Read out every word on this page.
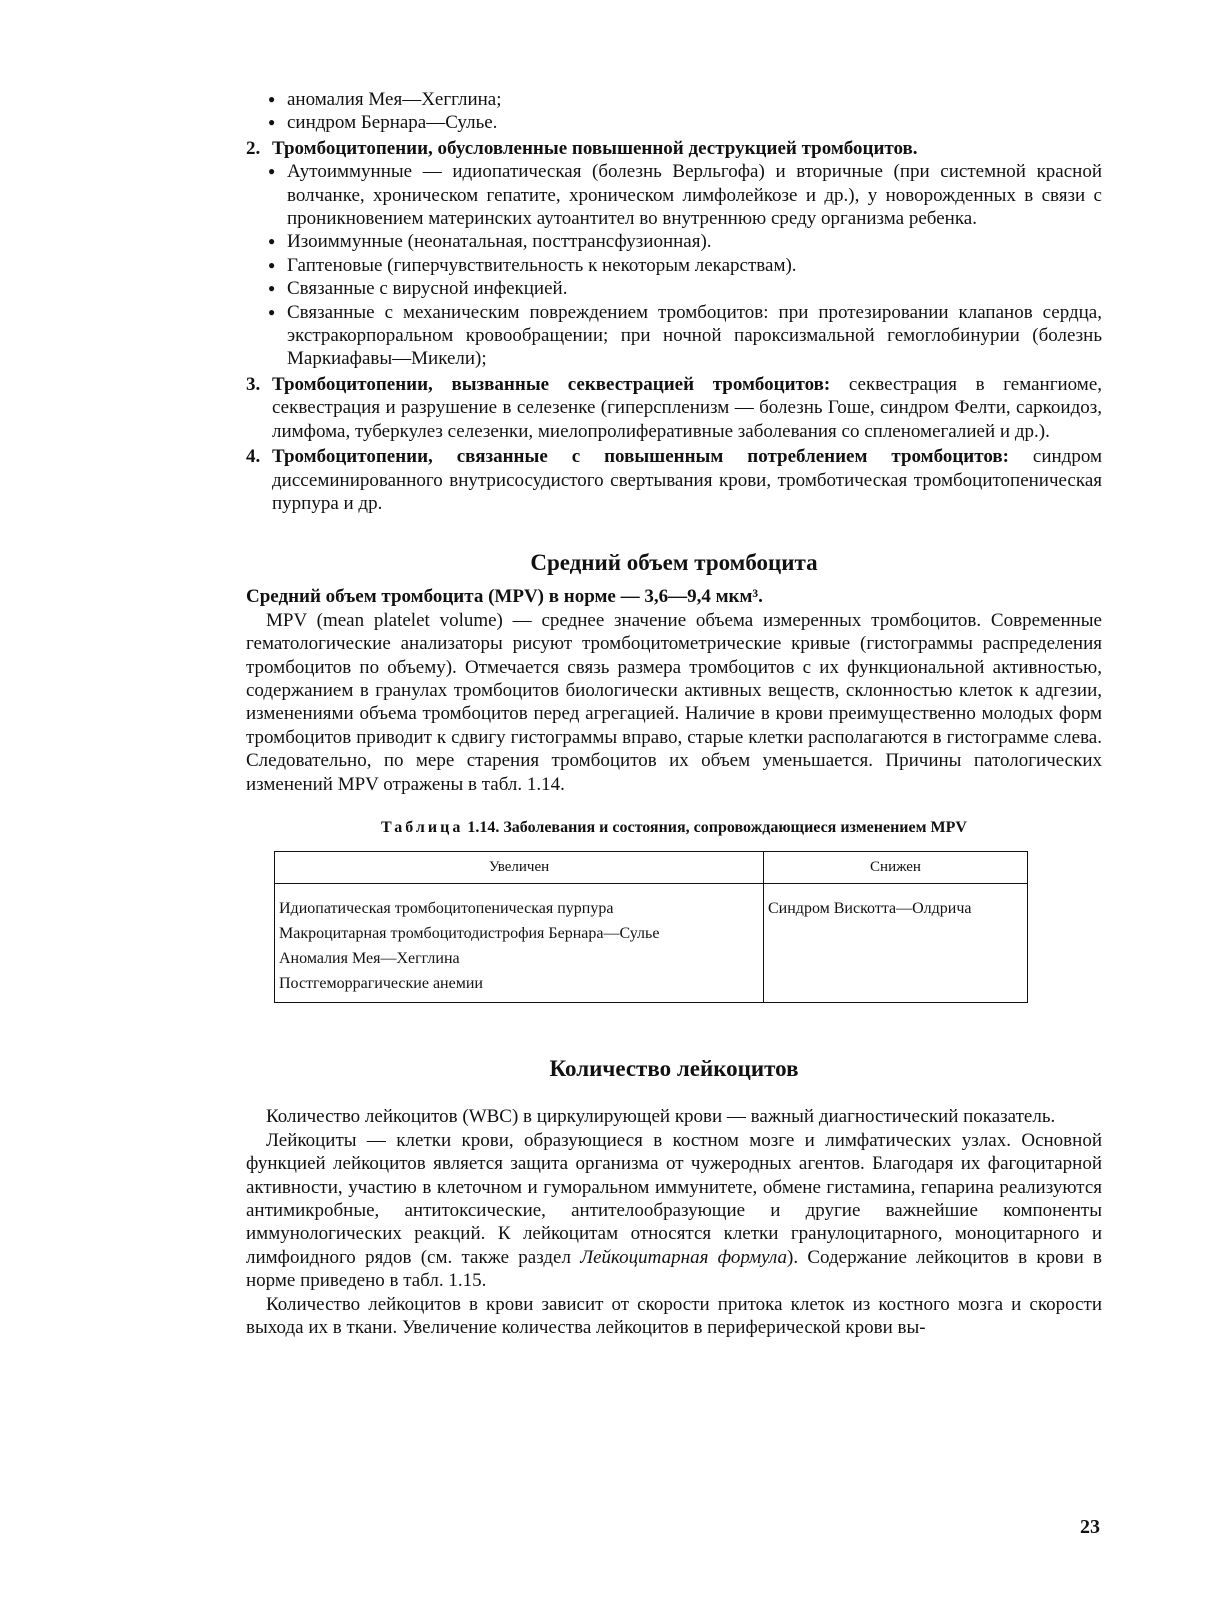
● аномалия Мея—Хегглина;
● синдром Бернара—Сулье.
2. Тромбоцитопении, обусловленные повышенной деструкцией тромбоцитов.
● Аутоиммунные — идиопатическая (болезнь Верльгофа) и вторичные (при системной красной волчанке, хроническом гепатите, хроническом лимфолейкозе и др.), у новорожденных в связи с проникновением материнских аутоантител во внутреннюю среду организма ребенка.
● Изоиммунные (неонатальная, посттрансфузионная).
● Гаптеновые (гиперчувствительность к некоторым лекарствам).
● Связанные с вирусной инфекцией.
● Связанные с механическим повреждением тромбоцитов: при протезировании клапанов сердца, экстракорпоральном кровообращении; при ночной пароксизмальной гемоглобинурии (болезнь Маркиафавы—Микели);
3. Тромбоцитопении, вызванные секвестрацией тромбоцитов: секвестрация в гемангиоме, секвестрация и разрушение в селезенке (гиперспленизм — болезнь Гоше, синдром Фелти, саркоидоз, лимфома, туберкулез селезенки, миелопролиферативные заболевания со спленомегалией и др.).
4. Тромбоцитопении, связанные с повышенным потреблением тромбоцитов: синдром диссеминированного внутрисосудистого свертывания крови, тромботическая тромбоцитопеническая пурпура и др.
Средний объем тромбоцита
Средний объем тромбоцита (MPV) в норме — 3,6—9,4 мкм³.
MPV (mean platelet volume) — среднее значение объема измеренных тромбоцитов. Современные гематологические анализаторы рисуют тромбоцитометрические кривые (гистограммы распределения тромбоцитов по объему). Отмечается связь размера тромбоцитов с их функциональной активностью, содержанием в гранулах тромбоцитов биологически активных веществ, склонностью клеток к адгезии, изменениями объема тромбоцитов перед агрегацией. Наличие в крови преимущественно молодых форм тромбоцитов приводит к сдвигу гистограммы вправо, старые клетки располагаются в гистограмме слева. Следовательно, по мере старения тромбоцитов их объем уменьшается. Причины патологических изменений MPV отражены в табл. 1.14.
Таблица 1.14. Заболевания и состояния, сопровождающиеся изменением MPV
Увеличен	Снижен

Идиопатическая тромбоцитопеническая пурпура
Макроцитарная тромбоцитодистрофия Бернара—Сулье
Аномалия Мея—Хегглина
Постгеморрагические анемии	Синдром Вискотта—Олдрича
Количество лейкоцитов
Количество лейкоцитов (WBC) в циркулирующей крови — важный диагностический показатель.
Лейкоциты — клетки крови, образующиеся в костном мозге и лимфатических узлах. Основной функцией лейкоцитов является защита организма от чужеродных агентов. Благодаря их фагоцитарной активности, участию в клеточном и гуморальном иммунитете, обмене гистамина, гепарина реализуются антимикробные, антитоксические, антителообразующие и другие важнейшие компоненты иммунологических реакций. К лейкоцитам относятся клетки гранулоцитарного, моноцитарного и лимфоидного рядов (см. также раздел Лейкоцитарная формула). Содержание лейкоцитов в крови в норме приведено в табл. 1.15.
Количество лейкоцитов в крови зависит от скорости притока клеток из костного мозга и скорости выхода их в ткани. Увеличение количества лейкоцитов в периферической крови вы-
23
